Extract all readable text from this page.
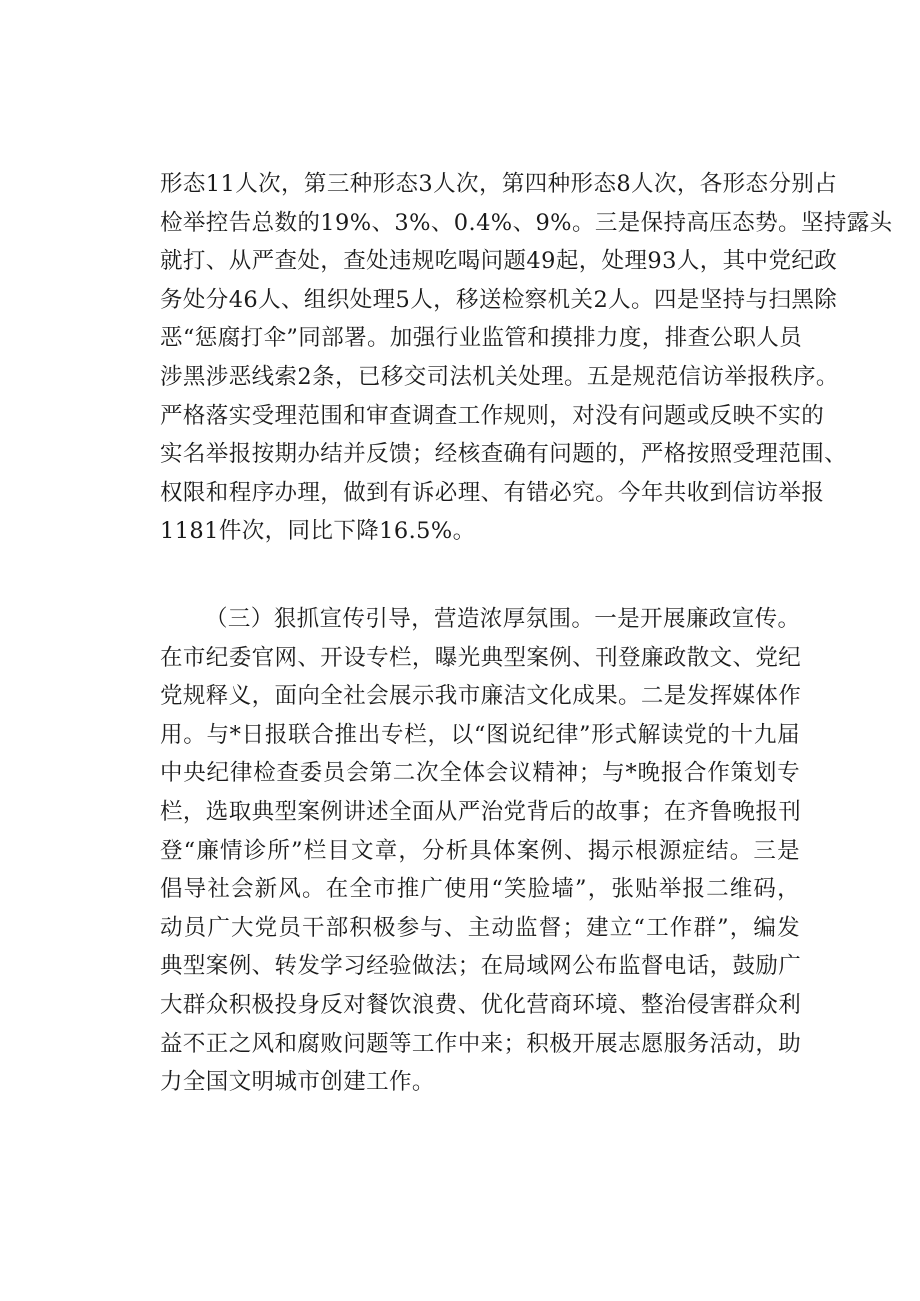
形态11人次，第三种形态3人次，第四种形态8人次，各形态分别占
检举控告总数的19%、3%、0.4%、9%。三是保持高压态势。坚持露头
就打、从严查处，查处违规吃喝问题49起，处理93人，其中党纪政
务处分46人、组织处理5人，移送检察机关2人。四是坚持与扫黑除
恶“惩腐打伞”同部署。加强行业监管和摸排力度，排查公职人员
涉黑涉恶线索2条，已移交司法机关处理。五是规范信访举报秩序。
严格落实受理范围和审查调查工作规则，对没有问题或反映不实的
实名举报按期办结并反馈；经核查确有问题的，严格按照受理范围、
权限和程序办理，做到有诉必理、有错必究。今年共收到信访举报
1181件次，同比下降16.5%。
（三）狠抓宣传引导，营造浓厚氛围。一是开展廉政宣传。
在市纪委官网、开设专栏，曝光典型案例、刊登廉政散文、党纪
党规释义，面向全社会展示我市廉洁文化成果。二是发挥媒体作
用。与*日报联合推出专栏，以“图说纪律”形式解读党的十九届
中央纪律检查委员会第二次全体会议精神；与*晚报合作策划专
栏，选取典型案例讲述全面从严治党背后的故事；在齐鲁晚报刊
登“廉情诊所”栏目文章，分析具体案例、揭示根源症结。三是
倡导社会新风。在全市推广使用“笑脸墙”，张贴举报二维码，
动员广大党员干部积极参与、主动监督；建立“工作群”，编发
典型案例、转发学习经验做法；在局域网公布监督电话，鼓励广
大群众积极投身反对餐饮浪费、优化营商环境、整治侵害群众利
益不正之风和腐败问题等工作中来；积极开展志愿服务活动，助
力全国文明城市创建工作。
